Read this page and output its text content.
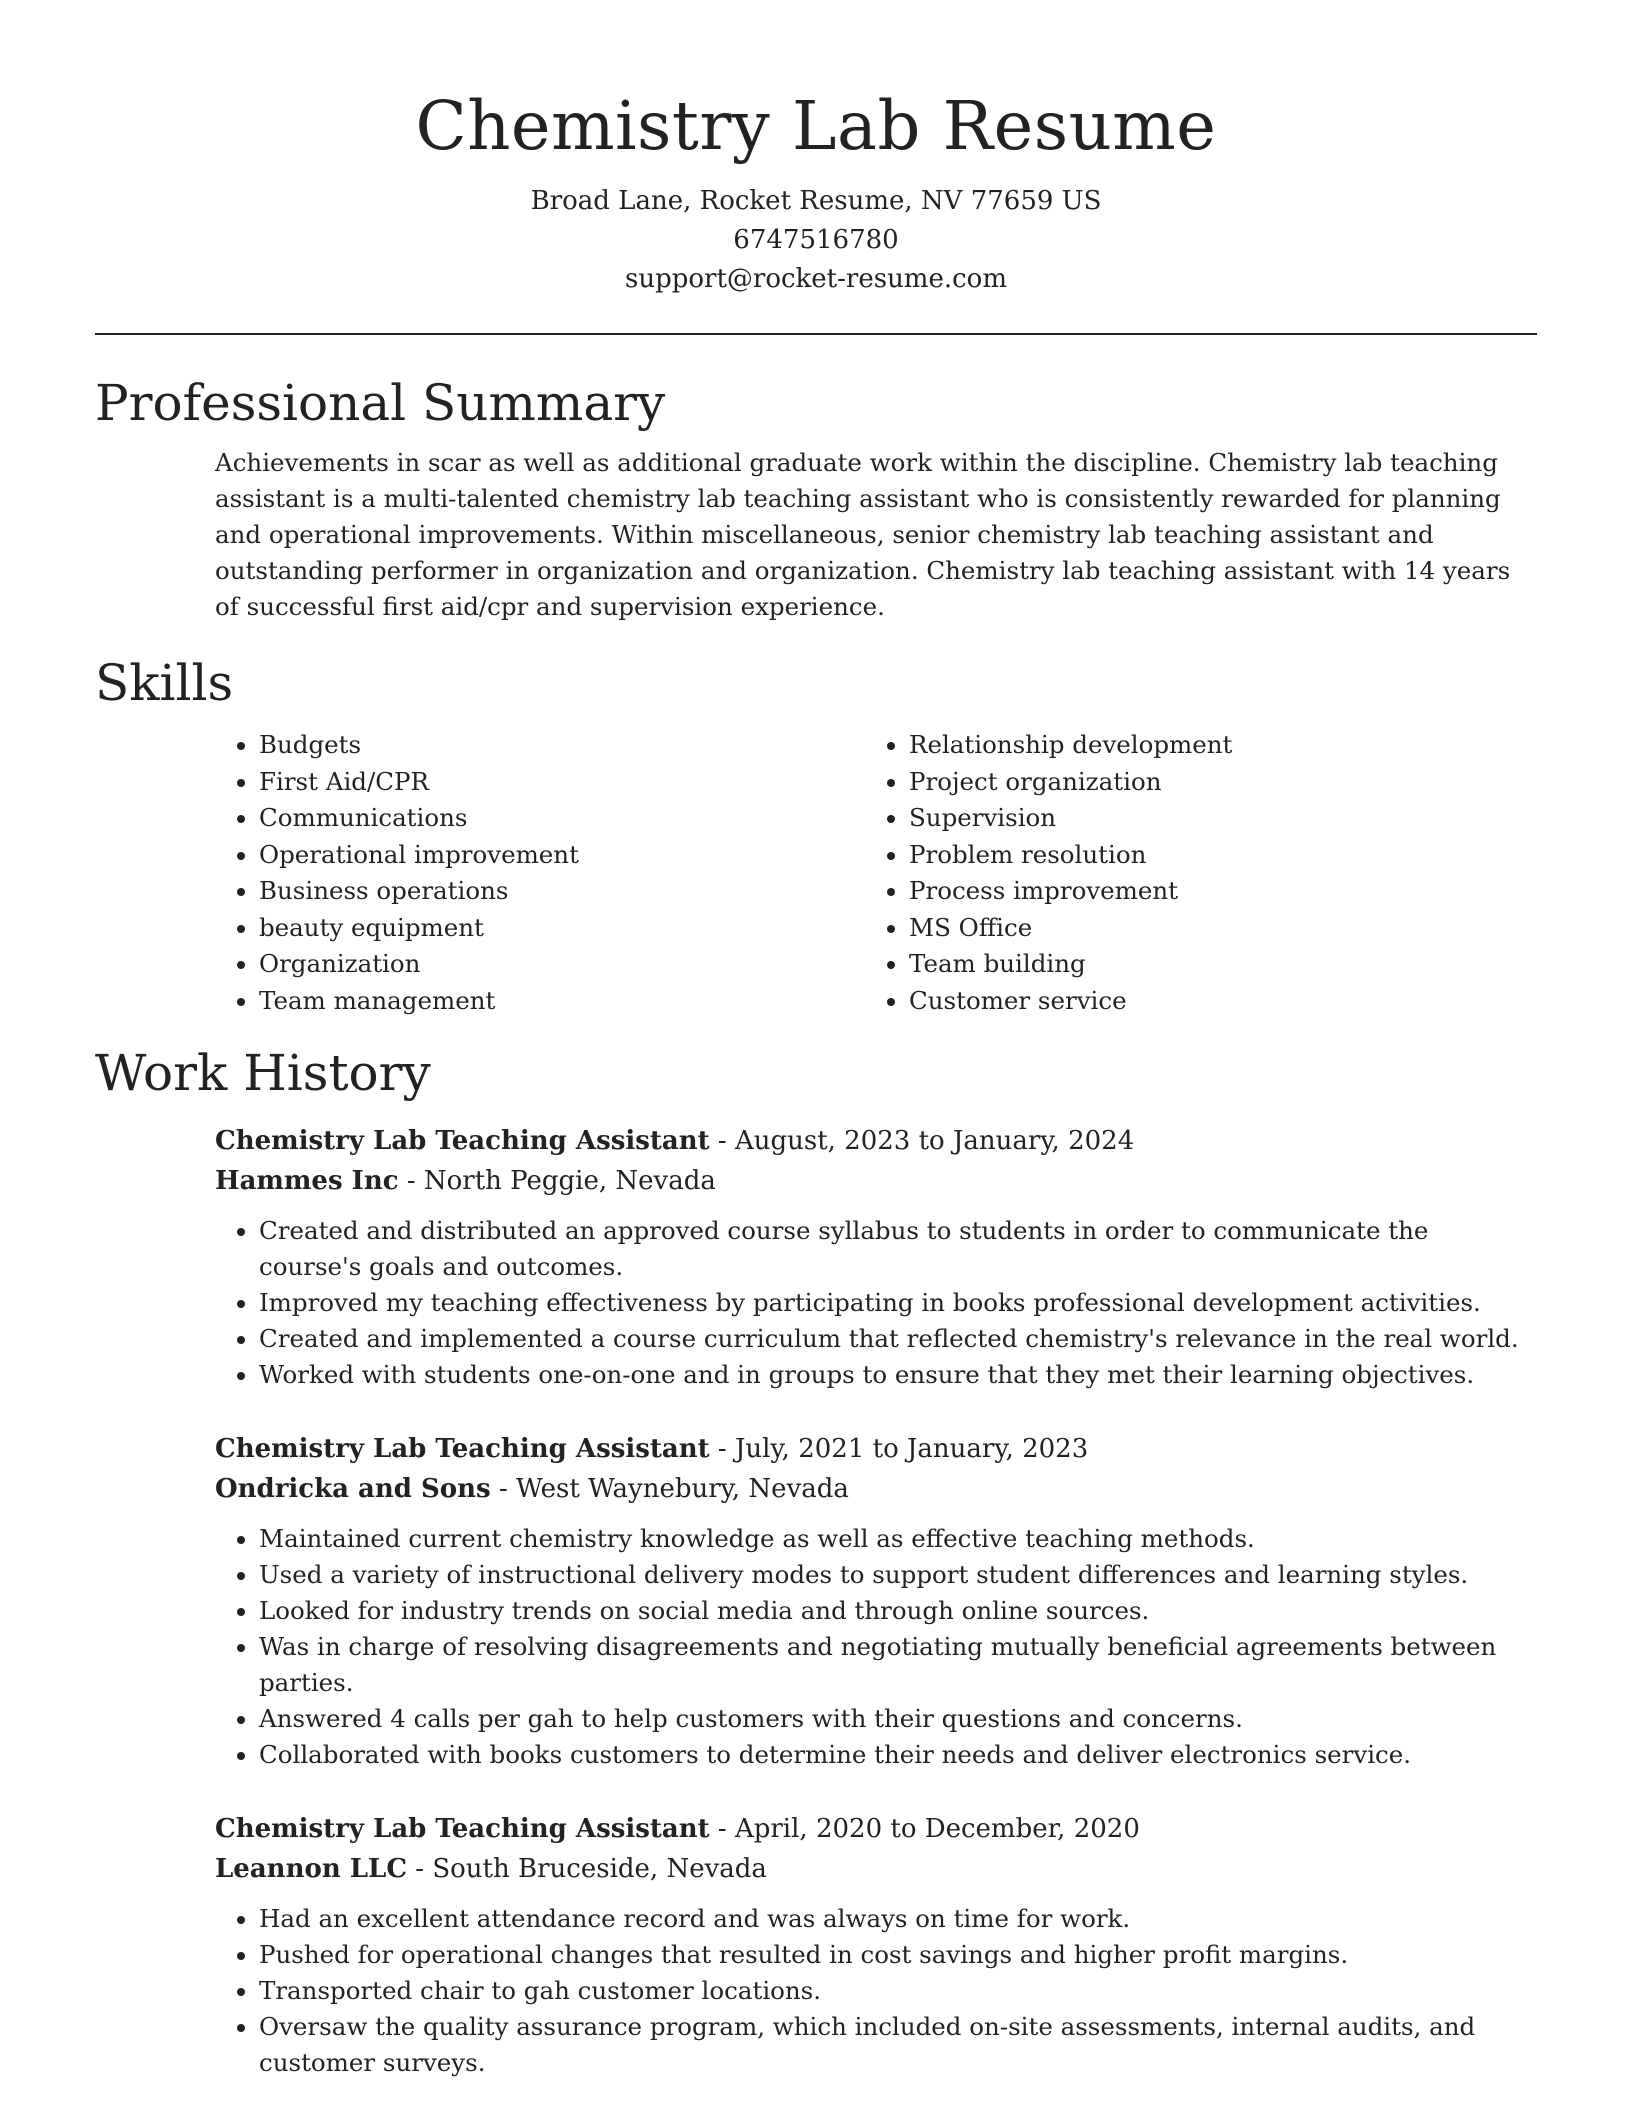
Chemistry Lab Resume
Broad Lane, Rocket Resume, NV 77659 US
6747516780
support@rocket-resume.com
Professional Summary

Achievements in scar as well as additional graduate work within the discipline. Chemistry lab teaching assistant is a multi-talented chemistry lab teaching assistant who is consistently rewarded for planning and operational improvements. Within miscellaneous, senior chemistry lab teaching assistant and outstanding performer in organization and organization. Chemistry lab teaching assistant with 14 years of successful first aid/cpr and supervision experience.

Skills
• Budgets
• First Aid/CPR
• Communications
• Operational improvement
• Business operations
• beauty equipment
• Organization
• Team management
• Relationship development
• Project organization
• Supervision
• Problem resolution
• Process improvement
• MS Office
• Team building
• Customer service
Work History
Chemistry Lab Teaching Assistant - August, 2023 to January, 2024
Hammes Inc - North Peggie, Nevada
• Created and distributed an approved course syllabus to students in order to communicate the course's goals and outcomes.
• Improved my teaching effectiveness by participating in books professional development activities.
• Created and implemented a course curriculum that reflected chemistry's relevance in the real world.
• Worked with students one-on-one and in groups to ensure that they met their learning objectives.
Chemistry Lab Teaching Assistant - July, 2021 to January, 2023
Ondricka and Sons - West Waynebury, Nevada
• Maintained current chemistry knowledge as well as effective teaching methods.
• Used a variety of instructional delivery modes to support student differences and learning styles.
• Looked for industry trends on social media and through online sources.
• Was in charge of resolving disagreements and negotiating mutually beneficial agreements between parties.
• Answered 4 calls per gah to help customers with their questions and concerns.
• Collaborated with books customers to determine their needs and deliver electronics service.
Chemistry Lab Teaching Assistant - April, 2020 to December, 2020
Leannon LLC - South Bruceside, Nevada
• Had an excellent attendance record and was always on time for work.
• Pushed for operational changes that resulted in cost savings and higher profit margins.
• Transported chair to gah customer locations.
• Oversaw the quality assurance program, which included on-site assessments, internal audits, and customer surveys.
